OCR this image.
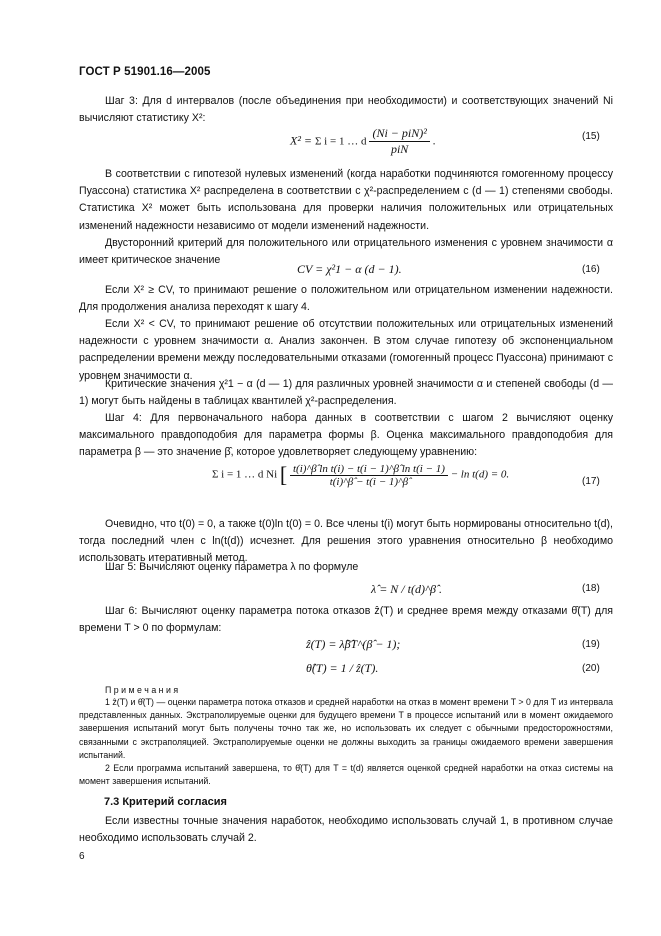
ГОСТ Р 51901.16—2005
Шаг 3: Для d интервалов (после объединения при необходимости) и соответствующих значений Ni вычисляют статистику X²:
X² = Σ i = 1 … d $\frac{\text{(Ni − piN)²}}{\text{piN}}$ .	(15)
В соответствии с гипотезой нулевых изменений (когда наработки подчиняются гомогенному процессу Пуассона) статистика X² распределена в соответствии с χ²-распределением с (d — 1) степенями свободы. Статистика X² может быть использована для проверки наличия положительных или отрицательных изменений надежности независимо от модели изменений надежности.
Двусторонний критерий для положительного или отрицательного изменения с уровнем значимости α имеет критическое значение
CV = χ²1 − α (d − 1).	(16)
Если X² ≥ CV, то принимают решение о положительном или отрицательном изменении надежности. Для продолжения анализа переходят к шагу 4.
Если X² < CV, то принимают решение об отсутствии положительных или отрицательных изменений надежности с уровнем значимости α. Анализ закончен. В этом случае гипотезу об экспоненциальном распределении времени между последовательными отказами (гомогенный процесс Пуассона) принимают с уровнем значимости α.
Критические значения χ²1 − α (d — 1) для различных уровней значимости α и степеней свободы (d — 1) могут быть найдены в таблицах квантилей χ²-распределения.
Шаг 4: Для первоначального набора данных в соответствии с шагом 2 вычисляют оценку максимального правдоподобия для параметра формы β. Оценка максимального правдоподобия для параметра β — это значение β̂, которое удовлетворяет следующему уравнению:
Σ i = 1 … d Ni [ $\frac{\text{t(i)\textasciicircum{}β̂ ln t(i) − t(i − 1)\textasciicircum{}β̂ ln t(i − 1)}}{t(i)\^{}\betâ - t(i - 1)\^{}\betâ} - \ln t(d) = 0$.
(17)
Очевидно, что t(0) = 0, а также t(0)ln t(0) = 0. Все члены t(i) могут быть нормированы относительно t(d), тогда последний член с ln(t(d)) исчезнет. Для решения этого уравнения относительно β необходимо использовать итеративный метод.
Шаг 5: Вычисляют оценку параметра λ по формуле
λ̂ = N / t(d)^β̂ .	(18)
Шаг 6: Вычисляют оценку параметра потока отказов ẑ(T) и среднее время между отказами θ̂(T) для времени T > 0 по формулам:
ẑ(T) = λ̂β̂T^(β̂ − 1);	(19)
θ̂(T) = 1 / ẑ(T).	(20)
П р и м е ч а н и я
1 ẑ(T) и θ̂(T) — оценки параметра потока отказов и средней наработки на отказ в момент времени T > 0 для T из интервала представленных данных. Экстраполируемые оценки для будущего времени T в процессе испытаний или в момент ожидаемого завершения испытаний могут быть получены точно так же, но использовать их следует с обычными предосторожностями, связанными с экстраполяцией. Экстраполируемые оценки не должны выходить за границы ожидаемого времени завершения испытаний.
2 Если программа испытаний завершена, то θ̂(T) для T = t(d) является оценкой средней наработки на отказ системы на момент завершения испытаний.
7.3 Критерий согласия
Если известны точные значения наработок, необходимо использовать случай 1, в противном случае необходимо использовать случай 2.
6
